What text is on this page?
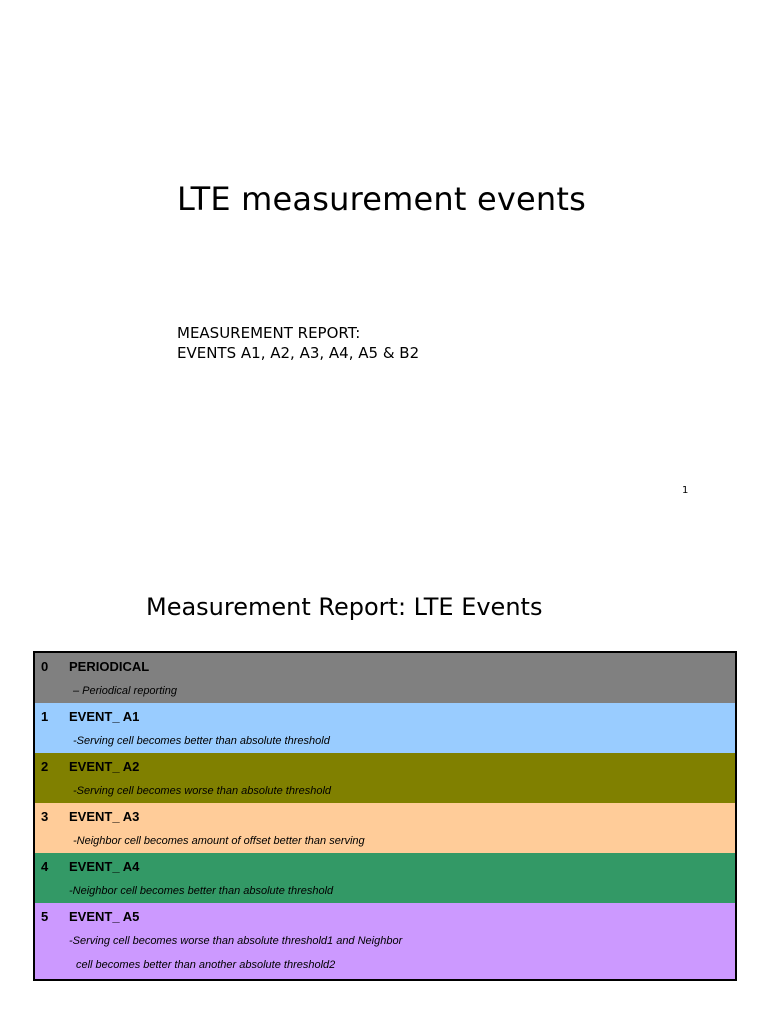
LTE measurement events
MEASUREMENT REPORT:
EVENTS A1, A2, A3, A4, A5 & B2
1
Measurement Report: LTE Events
0	PERIODICAL
– Periodical reporting
1	EVENT_ A1
-Serving cell becomes better than absolute threshold
2	EVENT_ A2
-Serving cell becomes worse than absolute threshold
3	EVENT_ A3
-Neighbor cell becomes amount of offset better than serving
4	EVENT_ A4
-Neighbor cell becomes better than absolute threshold
5	EVENT_ A5
-Serving cell becomes worse than absolute threshold1 and Neighbor
cell becomes better than another absolute threshold2
